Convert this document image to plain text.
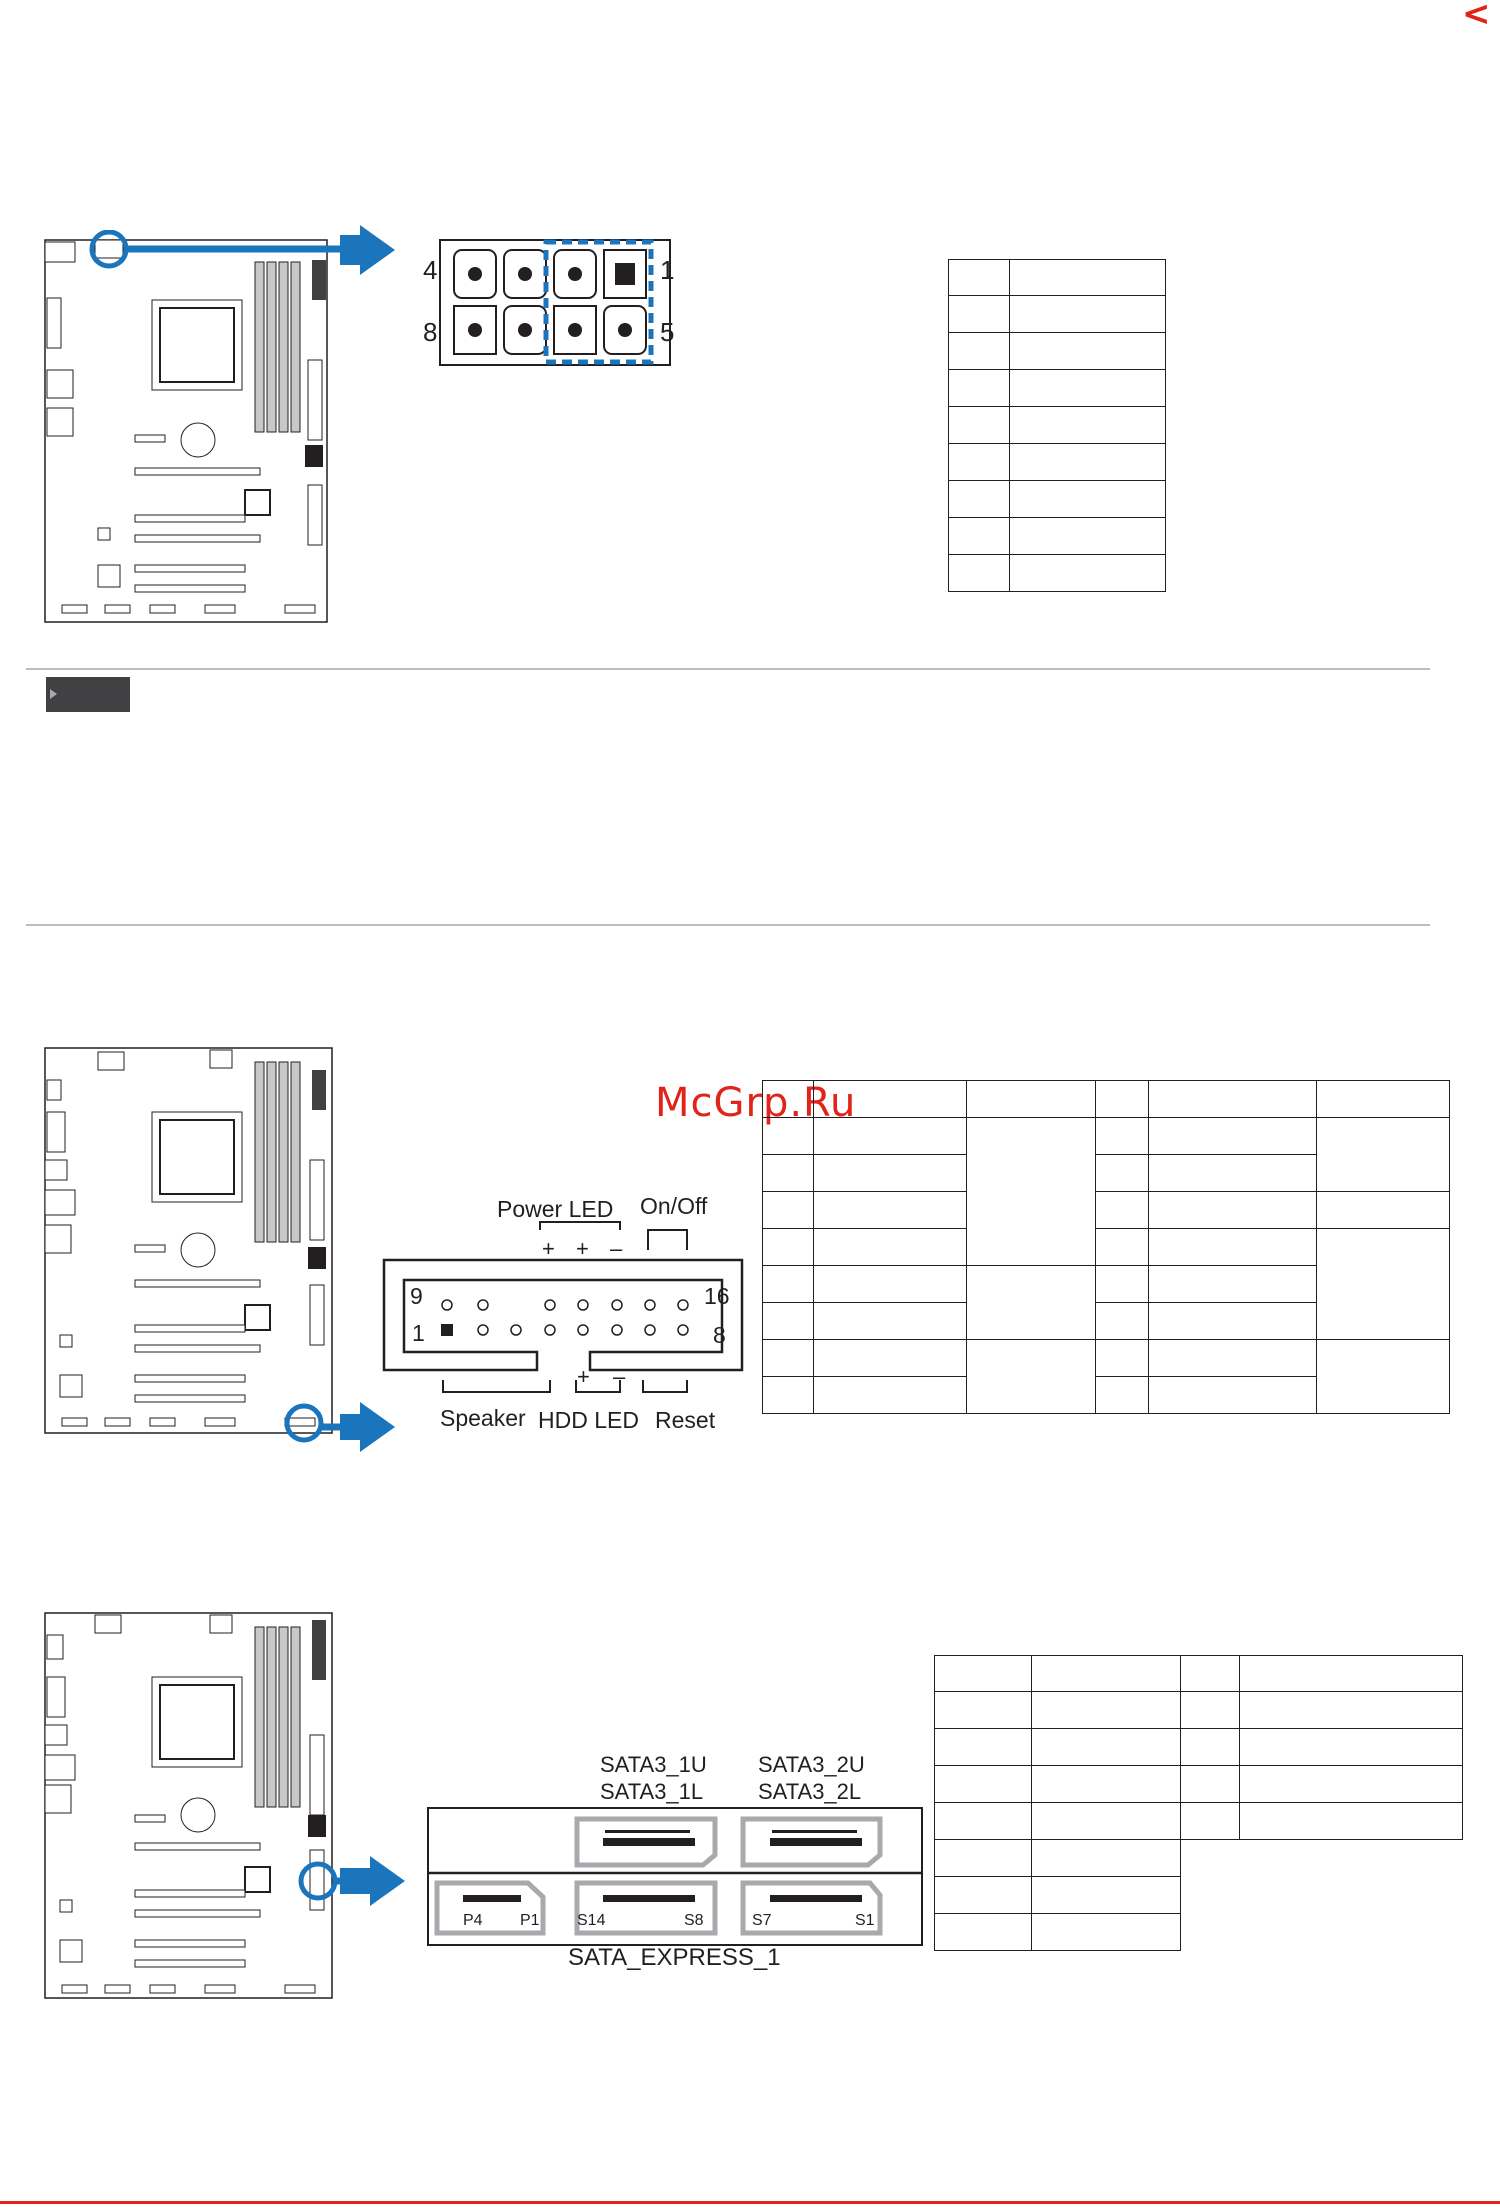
<
4	1
8	5

Power LED On/Off
+ + –
9	16
1	8
+ –
Speaker HDD LED Reset
McGrp.Ru

SATA3_1U
SATA3_1L
SATA3_2U
SATA3_2L
P4 P1 S14	S8	S7	S1
SATA_EXPRESS_1
